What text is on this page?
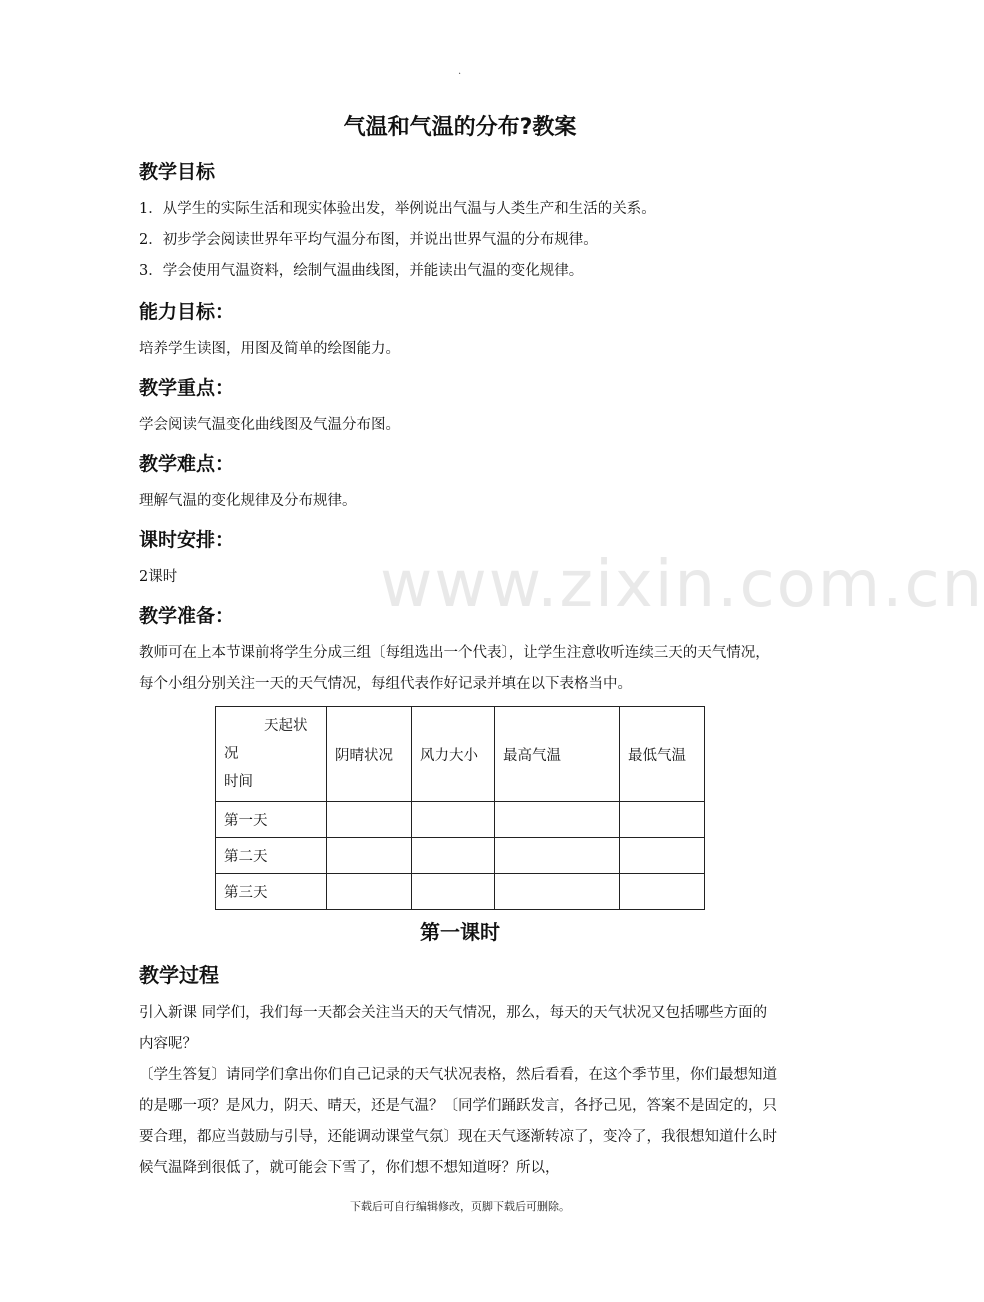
.
www.zixin.com.cn
气温和气温的分布?教案
教学目标

1．从学生的实际生活和现实体验出发，举例说出气温与人类生产和生活的关系。

2．初步学会阅读世界年平均气温分布图，并说出世界气温的分布规律。

3．学会使用气温资料，绘制气温曲线图，并能读出气温的变化规律。

能力目标：

培养学生读图，用图及简单的绘图能力。

教学重点：

学会阅读气温变化曲线图及气温分布图。

教学难点：

理解气温的变化规律及分布规律。

课时安排：

2课时

教学准备：

教师可在上本节课前将学生分成三组〔每组选出一个代表〕，让学生注意收听连续三天的天气情况，每个小组分别关注一天的天气情况，每组代表作好记录并填在以下表格当中。

天起状
况
时间	阴晴状况	风力大小	最高气温	最低气温
第一天				
第二天				
第三天				
第一课时
教学过程

引入新课 同学们，我们每一天都会关注当天的天气情况，那么，每天的天气状况又包括哪些方面的内容呢？

〔学生答复〕请同学们拿出你们自己记录的天气状况表格，然后看看，在这个季节里，你们最想知道的是哪一项？是风力，阴天、晴天，还是气温？〔同学们踊跃发言，各抒己见，答案不是固定的，只要合理，都应当鼓励与引导，还能调动课堂气氛〕现在天气逐渐转凉了，变冷了，我很想知道什么时候气温降到很低了，就可能会下雪了，你们想不想知道呀？所以，

下载后可自行编辑修改，页脚下载后可删除。
